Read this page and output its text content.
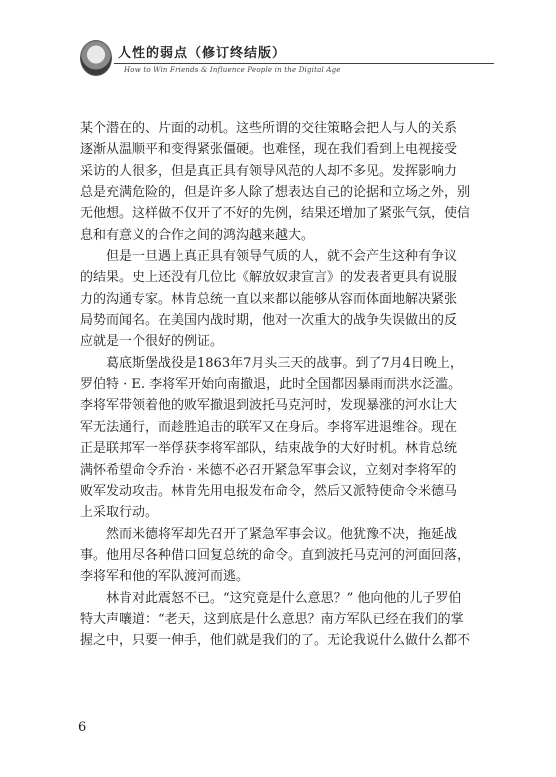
人性的弱点（修订终结版）
How to Win Friends & Influence People in the Digital Age
某个潜在的、片面的动机。这些所谓的交往策略会把人与人的关系
逐渐从温顺平和变得紧张僵硬。也难怪，现在我们看到上电视接受
采访的人很多，但是真正具有领导风范的人却不多见。发挥影响力
总是充满危险的，但是许多人除了想表达自己的论据和立场之外，别
无他想。这样做不仅开了不好的先例，结果还增加了紧张气氛，使信
息和有意义的合作之间的鸿沟越来越大。
　　但是一旦遇上真正具有领导气质的人，就不会产生这种有争议
的结果。史上还没有几位比《解放奴隶宣言》的发表者更具有说服
力的沟通专家。林肯总统一直以来都以能够从容而体面地解决紧张
局势而闻名。在美国内战时期，他对一次重大的战争失误做出的反
应就是一个很好的例证。
　　葛底斯堡战役是1863年7月头三天的战事。到了7月4日晚上，
罗伯特 · E. 李将军开始向南撤退，此时全国都因暴雨而洪水泛滥。
李将军带领着他的败军撤退到波托马克河时，发现暴涨的河水让大
军无法通行，而趁胜追击的联军又在身后。李将军进退维谷。现在
正是联邦军一举俘获李将军部队，结束战争的大好时机。林肯总统
满怀希望命令乔治 · 米德不必召开紧急军事会议，立刻对李将军的
败军发动攻击。林肯先用电报发布命令，然后又派特使命令米德马
上采取行动。
　　然而米德将军却先召开了紧急军事会议。他犹豫不决，拖延战
事。他用尽各种借口回复总统的命令。直到波托马克河的河面回落，
李将军和他的军队渡河而逃。
　　林肯对此震怒不已。“这究竟是什么意思？” 他向他的儿子罗伯
特大声嚷道：“老天，这到底是什么意思？南方军队已经在我们的掌
握之中，只要一伸手，他们就是我们的了。无论我说什么做什么都不
6
